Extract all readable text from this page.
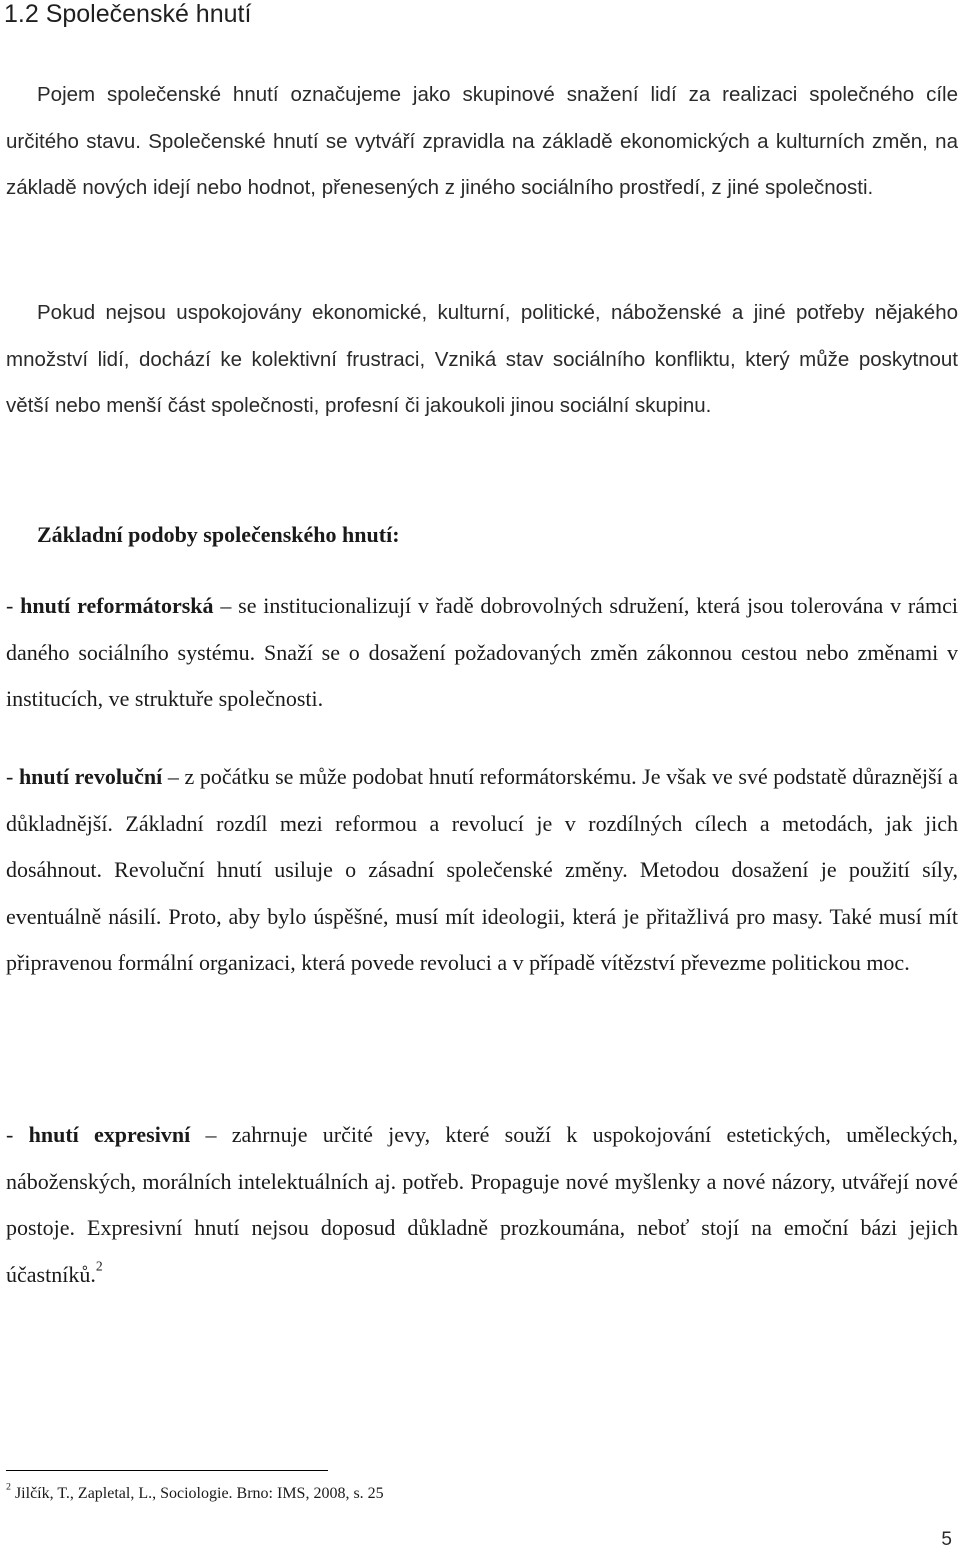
1.2 Společenské hnutí

Pojem společenské hnutí označujeme jako skupinové snažení lidí za realizaci společného cíle určitého stavu. Společenské hnutí se vytváří zpravidla na základě ekonomických a kulturních změn, na základě nových idejí nebo hodnot, přenesených z jiného sociálního prostředí, z jiné společnosti.

Pokud nejsou uspokojovány ekonomické, kulturní, politické, náboženské a jiné potřeby nějakého množství lidí, dochází ke kolektivní frustraci, Vzniká stav sociálního konfliktu, který může poskytnout větší nebo menší část společnosti, profesní či jakoukoli jinou sociální skupinu.

Základní podoby společenského hnutí:

- hnutí reformátorská – se institucionalizují v řadě dobrovolných sdružení, která jsou tolerována v rámci daného sociálního systému. Snaží se o dosažení požadovaných změn zákonnou cestou nebo změnami v institucích, ve struktuře společnosti.

- hnutí revoluční – z počátku se může podobat hnutí reformátorskému. Je však ve své podstatě důraznější a důkladnější. Základní rozdíl mezi reformou a revolucí je v rozdílných cílech a metodách, jak jich dosáhnout. Revoluční hnutí usiluje o zásadní společenské změny. Metodou dosažení je použití síly, eventuálně násilí. Proto, aby bylo úspěšné, musí mít ideologii, která je přitažlivá pro masy. Také musí mít připravenou formální organizaci, která povede revoluci a v případě vítězství převezme politickou moc.

- hnutí expresivní – zahrnuje určité jevy, které souží k uspokojování estetických, uměleckých, náboženských, morálních intelektuálních aj. potřeb. Propaguje nové myšlenky a nové názory, utvářejí nové postoje. Expresivní hnutí nejsou doposud důkladně prozkoumána, neboť stojí na emoční bázi jejich účastníků.$^2$

$^2$ Jilčík, T., Zapletal, L., Sociologie. Brno: IMS, 2008, s. 25

5
